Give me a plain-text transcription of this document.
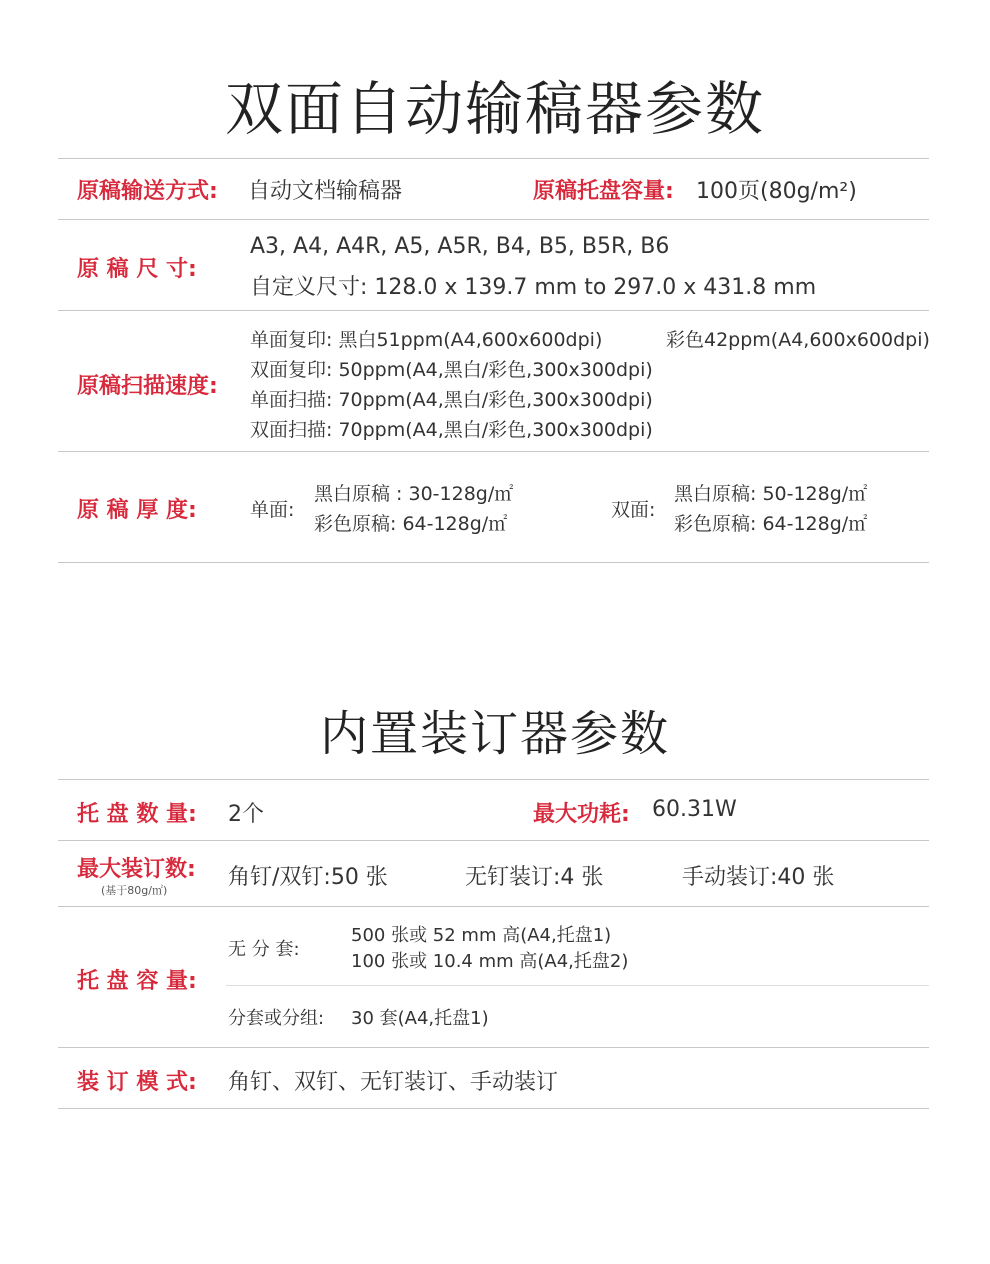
双面自动输稿器参数
原稿输送方式: 自动文档输稿器	原稿托盘容量: 100页(80g/m²)
原 稿 尺 寸:
A3, A4, A4R, A5, A5R, B4, B5, B5R, B6
自定义尺寸: 128.0 x 139.7 mm to 297.0 x 431.8 mm
原稿扫描速度:
单面复印: 黑白51ppm(A4,600x600dpi)	彩色42ppm(A4,600x600dpi)
双面复印: 50ppm(A4,黑白/彩色,300x300dpi)
单面扫描: 70ppm(A4,黑白/彩色,300x300dpi)
双面扫描: 70ppm(A4,黑白/彩色,300x300dpi)
原 稿 厚 度:	单面:
黑白原稿 : 30-128g/㎡
彩色原稿: 64-128g/㎡
双面:
黑白原稿: 50-128g/㎡
彩色原稿: 64-128g/㎡
内置装订器参数
托 盘 数 量: 2个	最大功耗: 60.31W
最大装订数:
(基于80g/㎡)
角钉/双钉:50 张	无钉装订:4 张	手动装订:40 张
托 盘 容 量:
无 分 套:
500 张或 52 mm 高(A4,托盘1)
100 张或 10.4 mm 高(A4,托盘2)
分套或分组: 30 套(A4,托盘1)
装 订 模 式: 角钉、双钉、无钉装订、手动装订
